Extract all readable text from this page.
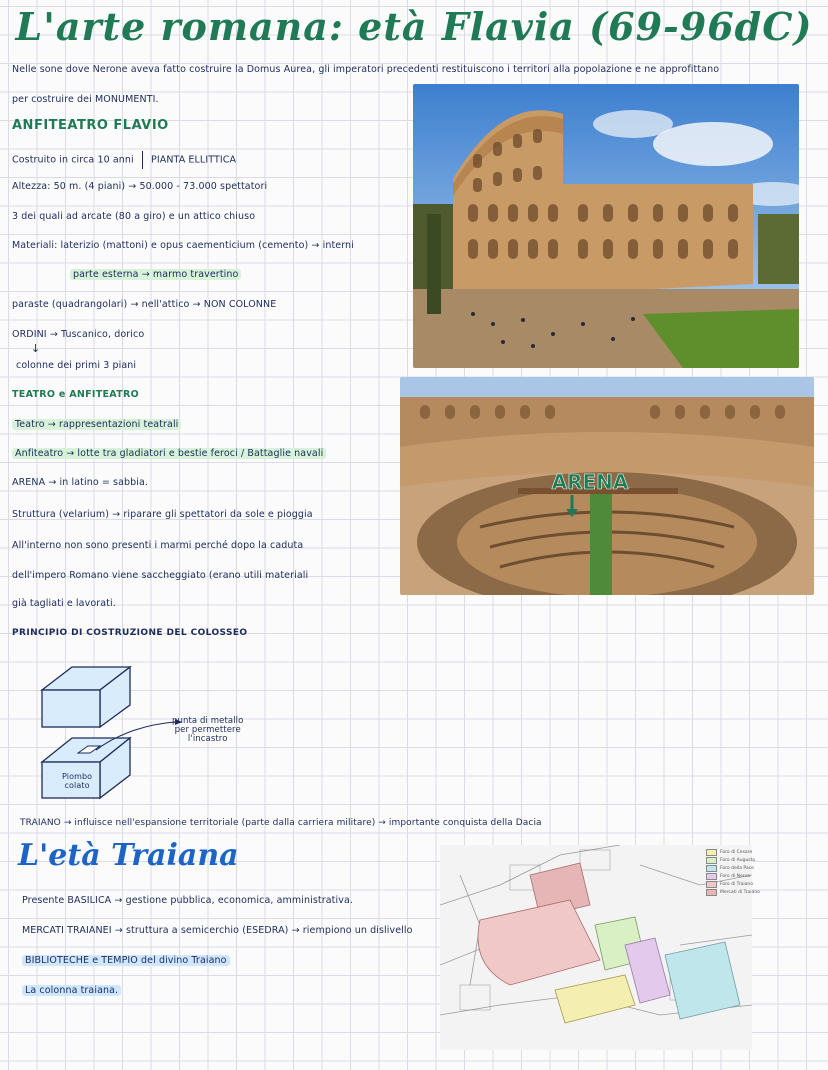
L'arte romana: età Flavia (69-96dC)
Nelle sone dove Nerone aveva fatto costruire la Domus Aurea, gli imperatori precedenti restituiscono i territori alla popolazione e ne approfittano
per costruire dei MONUMENTI.
ANFITEATRO FLAVIO
Costruito in circa 10 anni PIANTA ELLITTICA
Altezza: 50 m. (4 piani) → 50.000 - 73.000 spettatori
3 dei quali ad arcate (80 a giro) e un attico chiuso
Materiali: laterizio (mattoni) e opus caementicium (cemento) → interni
parte esterna → marmo travertino
paraste (quadrangolari) → nell'attico → NON COLONNE
ORDINI → Tuscanico, dorico
↓
colonne dei primi 3 piani
TEATRO e ANFITEATRO
Teatro → rappresentazioni teatrali
Anfiteatro → lotte tra gladiatori e bestie feroci / Battaglie navali
ARENA → in latino = sabbia.
Struttura (velarium) → riparare gli spettatori da sole e pioggia
All'interno non sono presenti i marmi perché dopo la caduta
dell'impero Romano viene saccheggiato (erano utili materiali
già tagliati e lavorati.
PRINCIPIO DI COSTRUZIONE DEL COLOSSEO
punta di metallo
per permettere
l'incastro
Piombo
colato
TRAIANO → influisce nell'espansione territoriale (parte dalla carriera militare) → importante conquista della Dacia
L'età Traiana
Presente BASILICA → gestione pubblica, economica, amministrativa.
MERCATI TRAIANEI → struttura a semicerchio (ESEDRA) → riempiono un dislivello
BIBLIOTECHE e TEMPIO del divino Traiano
La colonna traiana.
ARENA
Foro di Cesare
Foro di Augusto
Foro della Pace
Foro di Nerva
Foro di Traiano
Mercati di Traiano
